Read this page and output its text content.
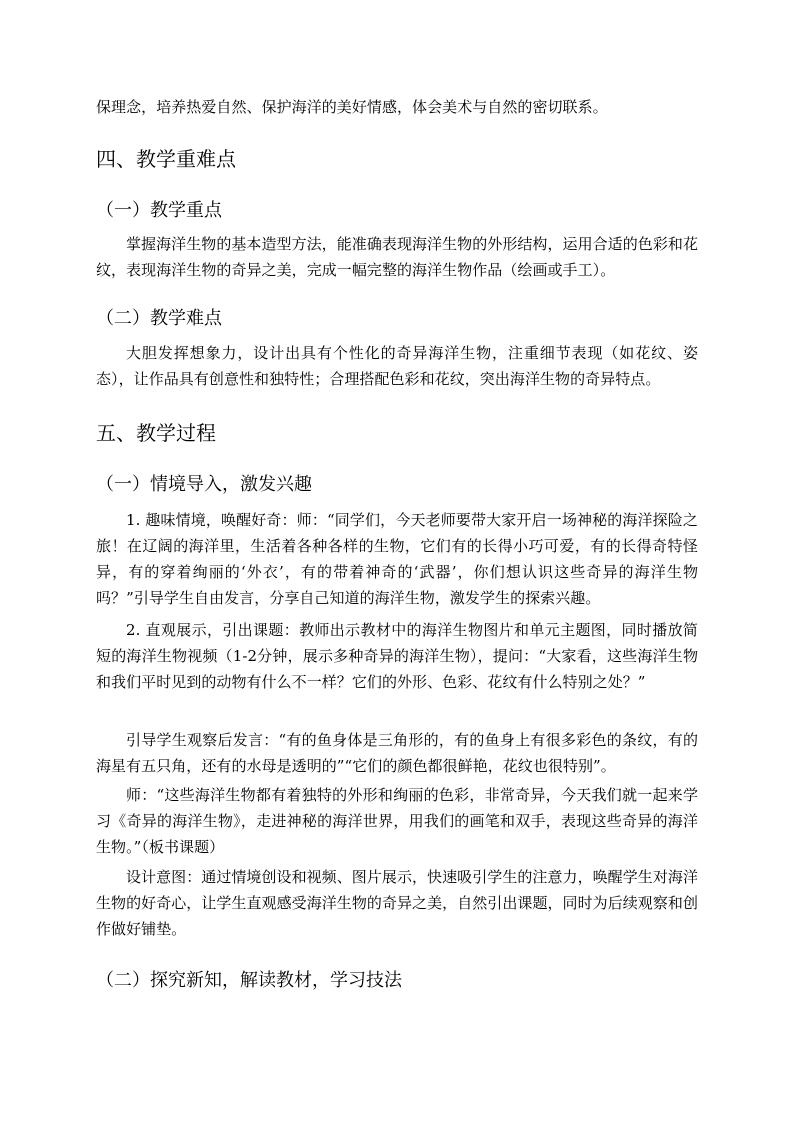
保理念，培养热爱自然、保护海洋的美好情感，体会美术与自然的密切联系。

四、教学重难点
（一）教学重点

掌握海洋生物的基本造型方法，能准确表现海洋生物的外形结构，运用合适的色彩和花纹，表现海洋生物的奇异之美，完成一幅完整的海洋生物作品（绘画或手工）。

（二）教学难点

大胆发挥想象力，设计出具有个性化的奇异海洋生物，注重细节表现（如花纹、姿态），让作品具有创意性和独特性；合理搭配色彩和花纹，突出海洋生物的奇异特点。

五、教学过程
（一）情境导入，激发兴趣

1. 趣味情境，唤醒好奇：师：“同学们，今天老师要带大家开启一场神秘的海洋探险之旅！在辽阔的海洋里，生活着各种各样的生物，它们有的长得小巧可爱，有的长得奇特怪异，有的穿着绚丽的‘外衣’，有的带着神奇的‘武器’，你们想认识这些奇异的海洋生物吗？”引导学生自由发言，分享自己知道的海洋生物，激发学生的探索兴趣。

2. 直观展示，引出课题：教师出示教材中的海洋生物图片和单元主题图，同时播放简短的海洋生物视频（1-2分钟，展示多种奇异的海洋生物），提问：“大家看，这些海洋生物和我们平时见到的动物有什么不一样？它们的外形、色彩、花纹有什么特别之处？”

引导学生观察后发言：“有的鱼身体是三角形的，有的鱼身上有很多彩色的条纹，有的海星有五只角，还有的水母是透明的”“它们的颜色都很鲜艳，花纹也很特别”。

师：“这些海洋生物都有着独特的外形和绚丽的色彩，非常奇异，今天我们就一起来学习《奇异的海洋生物》，走进神秘的海洋世界，用我们的画笔和双手，表现这些奇异的海洋生物。”（板书课题）

设计意图：通过情境创设和视频、图片展示，快速吸引学生的注意力，唤醒学生对海洋生物的好奇心，让学生直观感受海洋生物的奇异之美，自然引出课题，同时为后续观察和创作做好铺垫。

（二）探究新知，解读教材，学习技法
